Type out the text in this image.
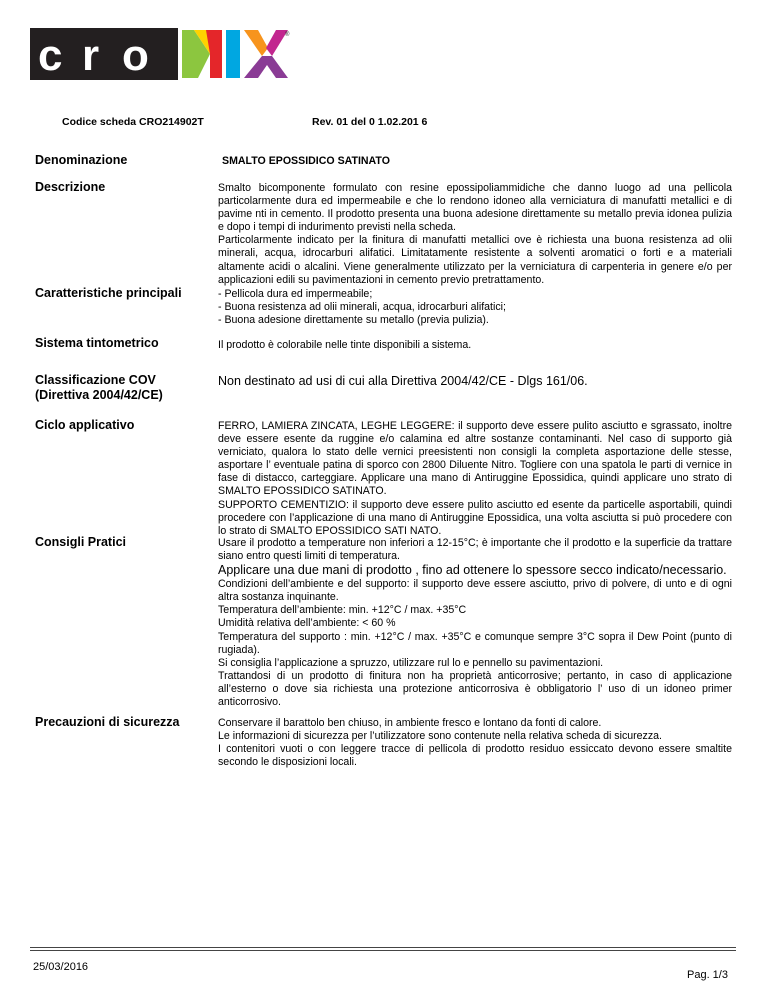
c r o	®
Codice scheda CRO214902T	Rev. 01 del 0 1.02.201 6
Denominazione	SMALTO EPOSSIDICO SATINATO
Descrizione	Smalto bicomponente formulato con resine epossipoliammidiche che danno luogo ad una pellicola particolarmente dura ed impermeabile e che lo rendono idoneo alla verniciatura di manufatti metallici e di pavime nti in cemento. Il prodotto presenta una buona adesione direttamente su metallo previa idonea pulizia e dopo i tempi di indurimento previsti nella scheda.

Particolarmente indicato per la finitura di manufatti metallici ove è richiesta una buona resistenza ad olii minerali, acqua, idrocarburi alifatici. Limitatamente resistente a solventi aromatici o forti e a materiali altamente acidi o alcalini. Viene generalmente utilizzato per la verniciatura di carpenteria in genere e/o per applicazioni edili su pavimentazioni in cemento previo pretrattamento.

Caratteristiche principali	- Pellicola dura ed impermeabile;

- Buona resistenza ad olii minerali, acqua, idrocarburi alifatici;

- Buona adesione direttamente su metallo (previa pulizia).

Sistema tintometrico	Il prodotto è colorabile nelle tinte disponibili a sistema.
Classificazione COV
(Direttiva 2004/42/CE)
Non destinato ad usi di cui alla Direttiva 2004/42/CE - Dlgs 161/06.
Ciclo applicativo	FERRO, LAMIERA ZINCATA, LEGHE LEGGERE: il supporto deve essere pulito asciutto e sgrassato, inoltre deve essere esente da ruggine e/o calamina ed altre sostanze contaminanti. Nel caso di supporto già verniciato, qualora lo stato delle vernici preesistenti non consigli la completa asportazione delle stesse, asportare l’ eventuale patina di sporco con 2800 Diluente Nitro. Togliere con una spatola le parti di vernice in fase di distacco, carteggiare. Applicare una mano di Antiruggine Epossidica, quindi applicare uno strato di SMALTO EPOSSIDICO SATINATO.

SUPPORTO CEMENTIZIO: il supporto deve essere pulito asciutto ed esente da particelle asportabili, quindi procedere con l’applicazione di una mano di Antiruggine Epossidica, una volta asciutta si può procedere con lo strato di SMALTO EPOSSIDICO SATI NATO.

Consigli Pratici	Usare il prodotto a temperature non inferiori a 12-15°C; è importante che il prodotto e la superficie da trattare siano entro questi limiti di temperatura.

Applicare una due mani di prodotto , fino ad ottenere lo spessore secco indicato/necessario.

Condizioni dell’ambiente e del supporto: il supporto deve essere asciutto, privo di polvere, di unto e di ogni altra sostanza inquinante.

Temperatura dell’ambiente: min. +12°C / max. +35°C

Umidità relativa dell’ambiente: < 60 %

Temperatura del supporto : min. +12°C / max. +35°C e comunque sempre 3°C sopra il Dew Point (punto di rugiada).

Si consiglia l’applicazione a spruzzo, utilizzare rul lo e pennello su pavimentazioni.

Trattandosi di un prodotto di finitura non ha proprietà anticorrosive; pertanto, in caso di applicazione all’esterno o dove sia richiesta una protezione anticorrosiva è obbligatorio l’ uso di un idoneo primer anticorrosivo.

Precauzioni di sicurezza	Conservare il barattolo ben chiuso, in ambiente fresco e lontano da fonti di calore.

Le informazioni di sicurezza per l’utilizzatore sono contenute nella relativa scheda di sicurezza.

I contenitori vuoti o con leggere tracce di pellicola di prodotto residuo essiccato devono essere smaltite secondo le disposizioni locali.

25/03/2016
Pag. 1/3
